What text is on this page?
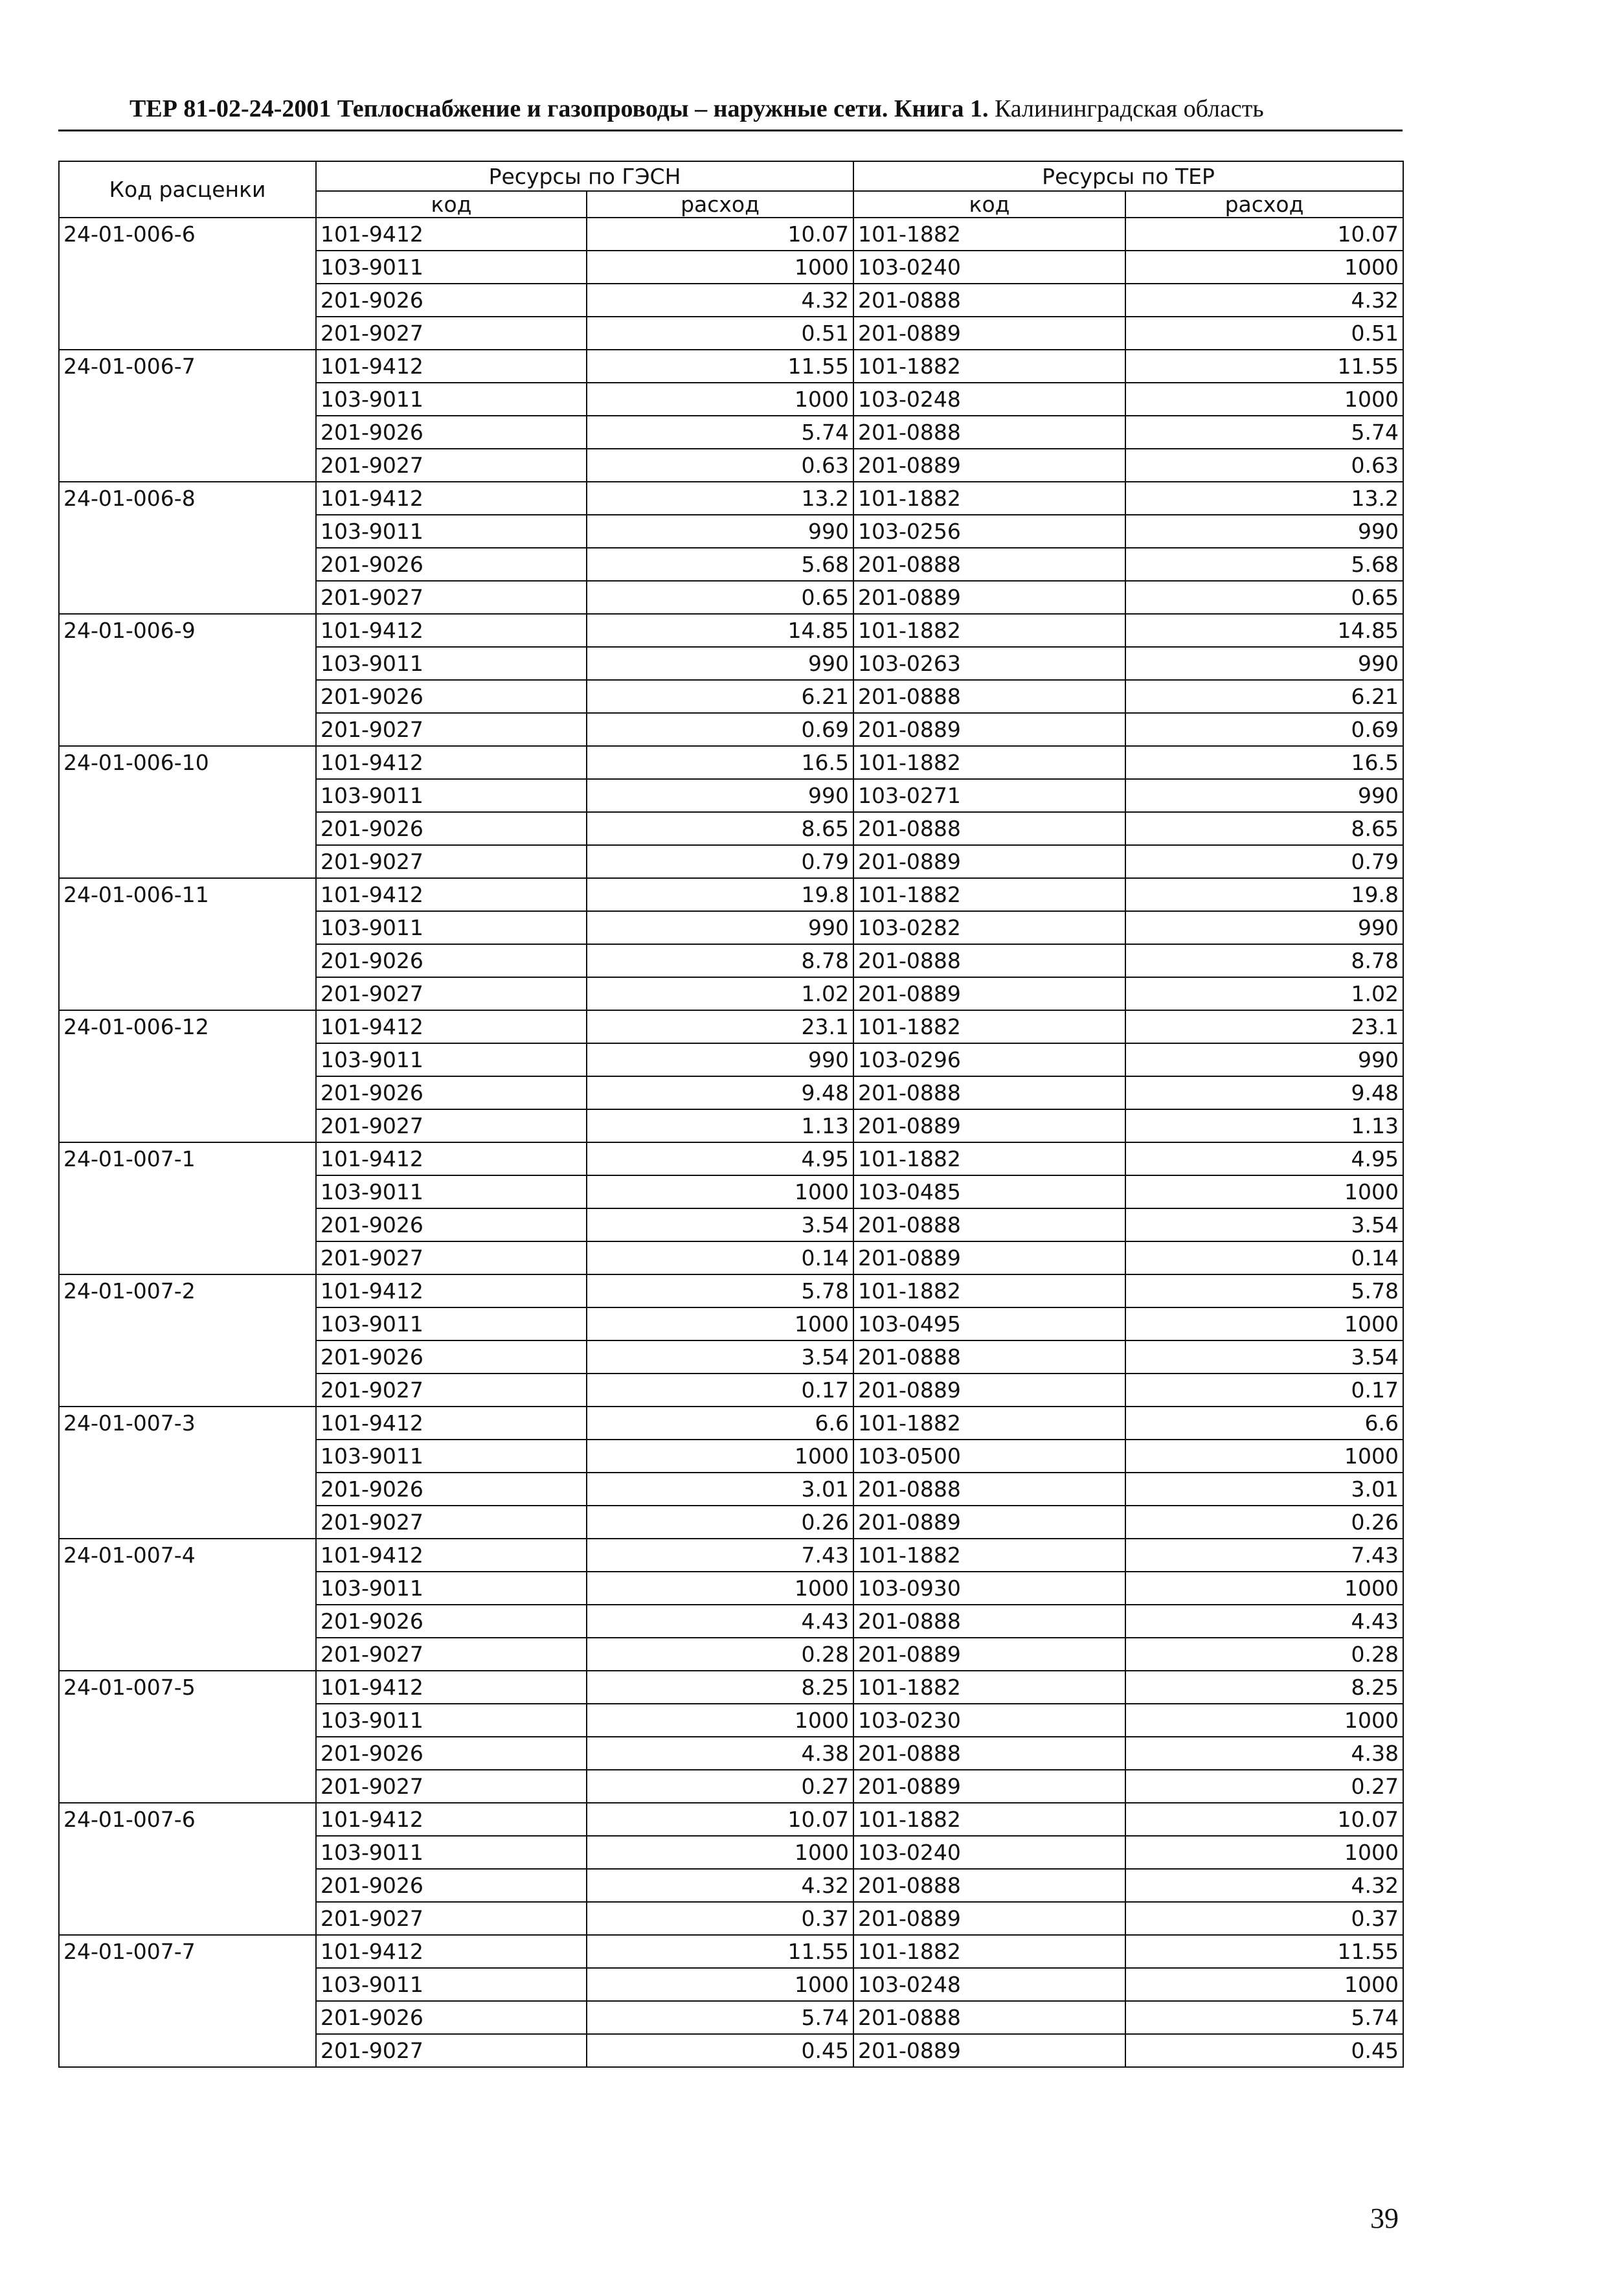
ТЕР 81-02-24-2001 Теплоснабжение и газопроводы – наружные сети. Книга 1. Калининградская область
Код расценки	Ресурсы по ГЭСН		Ресурсы по ТЕР	
	код	расход	код	расход
24-01-006-6	101-9412	10.07	101-1882	10.07
	103-9011	1000	103-0240	1000
	201-9026	4.32	201-0888	4.32
	201-9027	0.51	201-0889	0.51
24-01-006-7	101-9412	11.55	101-1882	11.55
	103-9011	1000	103-0248	1000
	201-9026	5.74	201-0888	5.74
	201-9027	0.63	201-0889	0.63
24-01-006-8	101-9412	13.2	101-1882	13.2
	103-9011	990	103-0256	990
	201-9026	5.68	201-0888	5.68
	201-9027	0.65	201-0889	0.65
24-01-006-9	101-9412	14.85	101-1882	14.85
	103-9011	990	103-0263	990
	201-9026	6.21	201-0888	6.21
	201-9027	0.69	201-0889	0.69
24-01-006-10	101-9412	16.5	101-1882	16.5
	103-9011	990	103-0271	990
	201-9026	8.65	201-0888	8.65
	201-9027	0.79	201-0889	0.79
24-01-006-11	101-9412	19.8	101-1882	19.8
	103-9011	990	103-0282	990
	201-9026	8.78	201-0888	8.78
	201-9027	1.02	201-0889	1.02
24-01-006-12	101-9412	23.1	101-1882	23.1
	103-9011	990	103-0296	990
	201-9026	9.48	201-0888	9.48
	201-9027	1.13	201-0889	1.13
24-01-007-1	101-9412	4.95	101-1882	4.95
	103-9011	1000	103-0485	1000
	201-9026	3.54	201-0888	3.54
	201-9027	0.14	201-0889	0.14
24-01-007-2	101-9412	5.78	101-1882	5.78
	103-9011	1000	103-0495	1000
	201-9026	3.54	201-0888	3.54
	201-9027	0.17	201-0889	0.17
24-01-007-3	101-9412	6.6	101-1882	6.6
	103-9011	1000	103-0500	1000
	201-9026	3.01	201-0888	3.01
	201-9027	0.26	201-0889	0.26
24-01-007-4	101-9412	7.43	101-1882	7.43
	103-9011	1000	103-0930	1000
	201-9026	4.43	201-0888	4.43
	201-9027	0.28	201-0889	0.28
24-01-007-5	101-9412	8.25	101-1882	8.25
	103-9011	1000	103-0230	1000
	201-9026	4.38	201-0888	4.38
	201-9027	0.27	201-0889	0.27
24-01-007-6	101-9412	10.07	101-1882	10.07
	103-9011	1000	103-0240	1000
	201-9026	4.32	201-0888	4.32
	201-9027	0.37	201-0889	0.37
24-01-007-7	101-9412	11.55	101-1882	11.55
	103-9011	1000	103-0248	1000
	201-9026	5.74	201-0888	5.74
	201-9027	0.45	201-0889	0.45
39
